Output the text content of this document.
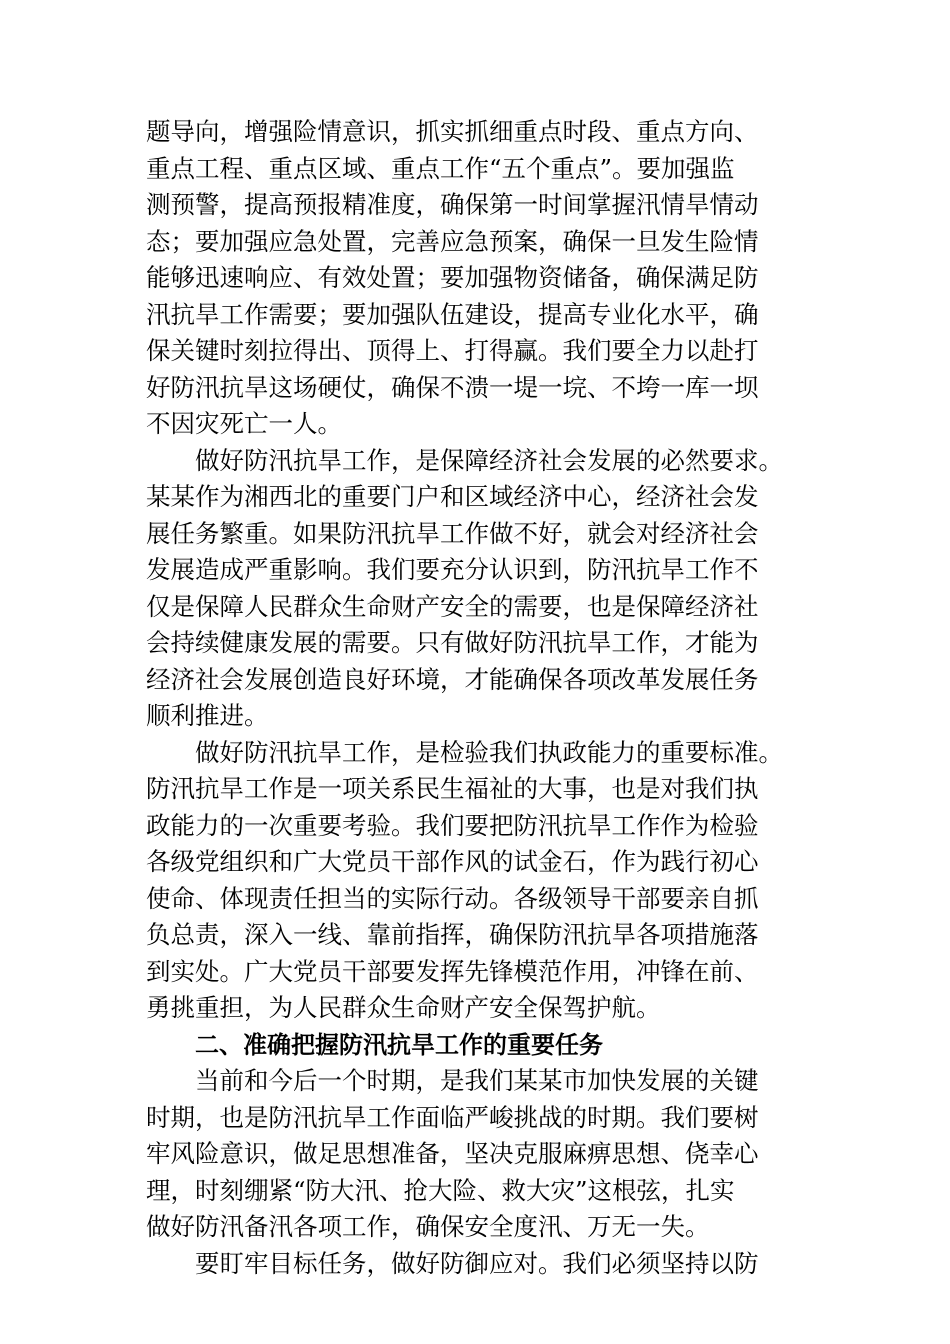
题导向，增强险情意识，抓实抓细重点时段、重点方向、
重点工程、重点区域、重点工作“五个重点”。要加强监
测预警，提高预报精准度，确保第一时间掌握汛情旱情动
态；要加强应急处置，完善应急预案，确保一旦发生险情
能够迅速响应、有效处置；要加强物资储备，确保满足防
汛抗旱工作需要；要加强队伍建设，提高专业化水平，确
保关键时刻拉得出、顶得上、打得赢。我们要全力以赴打
好防汛抗旱这场硬仗，确保不溃一堤一垸、不垮一库一坝
不因灾死亡一人。
做好防汛抗旱工作，是保障经济社会发展的必然要求。
某某作为湘西北的重要门户和区域经济中心，经济社会发
展任务繁重。如果防汛抗旱工作做不好，就会对经济社会
发展造成严重影响。我们要充分认识到，防汛抗旱工作不
仅是保障人民群众生命财产安全的需要，也是保障经济社
会持续健康发展的需要。只有做好防汛抗旱工作，才能为
经济社会发展创造良好环境，才能确保各项改革发展任务
顺利推进。
做好防汛抗旱工作，是检验我们执政能力的重要标准。
防汛抗旱工作是一项关系民生福祉的大事，也是对我们执
政能力的一次重要考验。我们要把防汛抗旱工作作为检验
各级党组织和广大党员干部作风的试金石，作为践行初心
使命、体现责任担当的实际行动。各级领导干部要亲自抓
负总责，深入一线、靠前指挥，确保防汛抗旱各项措施落
到实处。广大党员干部要发挥先锋模范作用，冲锋在前、
勇挑重担，为人民群众生命财产安全保驾护航。
二、准确把握防汛抗旱工作的重要任务
当前和今后一个时期，是我们某某市加快发展的关键
时期，也是防汛抗旱工作面临严峻挑战的时期。我们要树
牢风险意识，做足思想准备，坚决克服麻痹思想、侥幸心
理，时刻绷紧“防大汛、抢大险、救大灾”这根弦，扎实
做好防汛备汛各项工作，确保安全度汛、万无一失。
要盯牢目标任务，做好防御应对。我们必须坚持以防
